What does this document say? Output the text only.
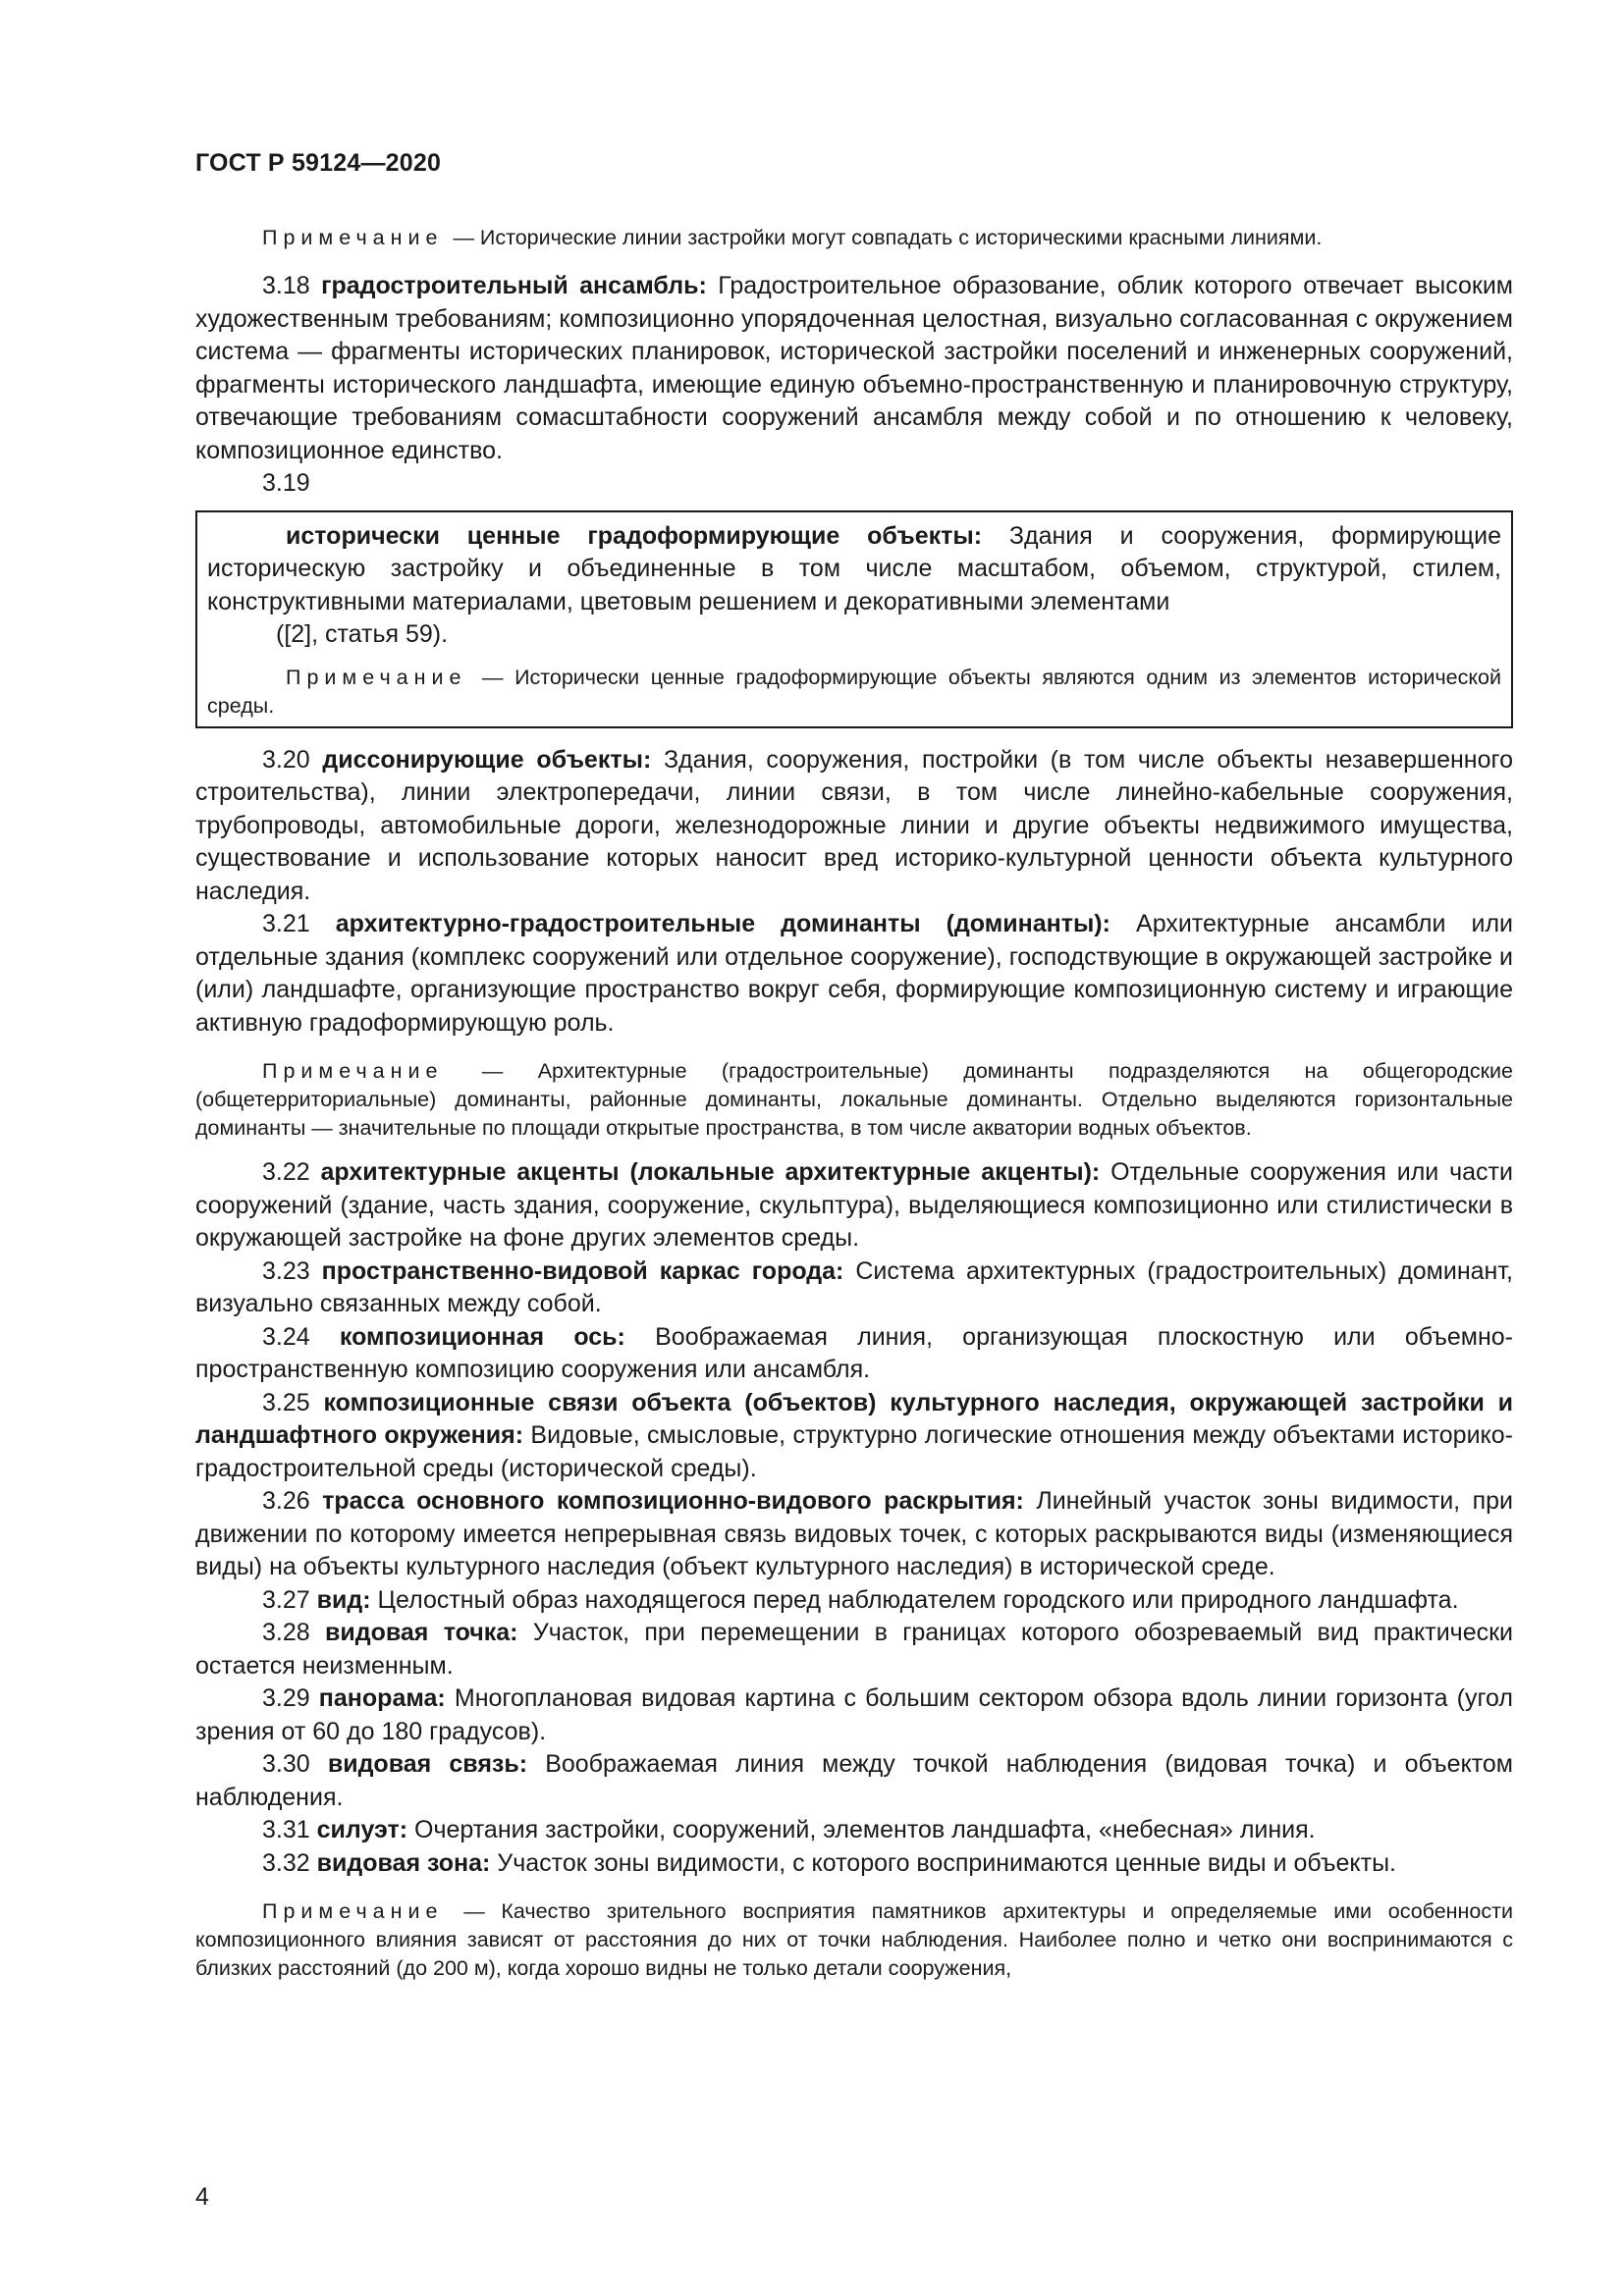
ГОСТ Р 59124—2020

Примечание — Исторические линии застройки могут совпадать с историческими красными линиями.

3.18 градостроительный ансамбль: Градостроительное образование, облик которого отвечает высоким художественным требованиям; композиционно упорядоченная целостная, визуально согласованная с окружением система — фрагменты исторических планировок, исторической застройки поселений и инженерных сооружений, фрагменты исторического ландшафта, имеющие единую объемно-пространственную и планировочную структуру, отвечающие требованиям сомасштабности сооружений ансамбля между собой и по отношению к человеку, композиционное единство.

3.19

исторически ценные градоформирующие объекты: Здания и сооружения, формирующие историческую застройку и объединенные в том числе масштабом, объемом, структурой, стилем, конструктивными материалами, цветовым решением и декоративными элементами

([2], статья 59).

Примечание — Исторически ценные градоформирующие объекты являются одним из элементов исторической среды.

3.20 диссонирующие объекты: Здания, сооружения, постройки (в том числе объекты незавершенного строительства), линии электропередачи, линии связи, в том числе линейно-кабельные сооружения, трубопроводы, автомобильные дороги, железнодорожные линии и другие объекты недвижимого имущества, существование и использование которых наносит вред историко-культурной ценности объекта культурного наследия.

3.21 архитектурно-градостроительные доминанты (доминанты): Архитектурные ансамбли или отдельные здания (комплекс сооружений или отдельное сооружение), господствующие в окружающей застройке и (или) ландшафте, организующие пространство вокруг себя, формирующие композиционную систему и играющие активную градоформирующую роль.

Примечание — Архитектурные (градостроительные) доминанты подразделяются на общегородские (общетерриториальные) доминанты, районные доминанты, локальные доминанты. Отдельно выделяются горизонтальные доминанты — значительные по площади открытые пространства, в том числе акватории водных объектов.

3.22 архитектурные акценты (локальные архитектурные акценты): Отдельные сооружения или части сооружений (здание, часть здания, сооружение, скульптура), выделяющиеся композиционно или стилистически в окружающей застройке на фоне других элементов среды.

3.23 пространственно-видовой каркас города: Система архитектурных (градостроительных) доминант, визуально связанных между собой.

3.24 композиционная ось: Воображаемая линия, организующая плоскостную или объемно-пространственную композицию сооружения или ансамбля.

3.25 композиционные связи объекта (объектов) культурного наследия, окружающей застройки и ландшафтного окружения: Видовые, смысловые, структурно логические отношения между объектами историко-градостроительной среды (исторической среды).

3.26 трасса основного композиционно-видового раскрытия: Линейный участок зоны видимости, при движении по которому имеется непрерывная связь видовых точек, с которых раскрываются виды (изменяющиеся виды) на объекты культурного наследия (объект культурного наследия) в исторической среде.

3.27 вид: Целостный образ находящегося перед наблюдателем городского или природного ландшафта.

3.28 видовая точка: Участок, при перемещении в границах которого обозреваемый вид практически остается неизменным.

3.29 панорама: Многоплановая видовая картина с большим сектором обзора вдоль линии горизонта (угол зрения от 60 до 180 градусов).

3.30 видовая связь: Воображаемая линия между точкой наблюдения (видовая точка) и объектом наблюдения.

3.31 силуэт: Очертания застройки, сооружений, элементов ландшафта, «небесная» линия.

3.32 видовая зона: Участок зоны видимости, с которого воспринимаются ценные виды и объекты.

Примечание — Качество зрительного восприятия памятников архитектуры и определяемые ими особенности композиционного влияния зависят от расстояния до них от точки наблюдения. Наиболее полно и четко они воспринимаются с близких расстояний (до 200 м), когда хорошо видны не только детали сооружения,

4
